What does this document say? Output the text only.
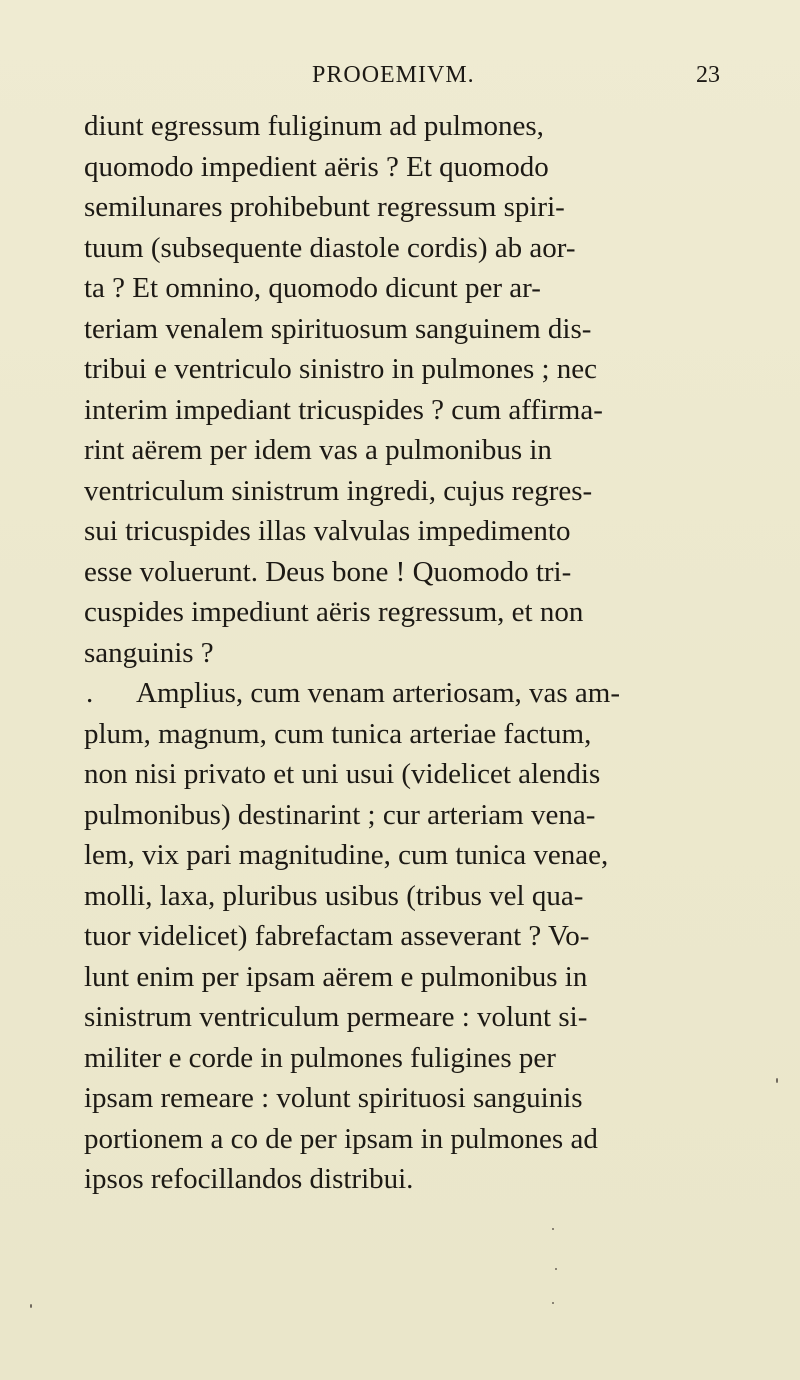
PROOEMIVM.	23
diunt egressum fuliginum ad pulmones,
quomodo impedient aëris ? Et quomodo
semilunares prohibebunt regressum spiri-
tuum (subsequente diastole cordis) ab aor-
ta ? Et omnino, quomodo dicunt per ar-
teriam venalem spirituosum sanguinem dis-
tribui e ventriculo sinistro in pulmones ; nec
interim impediant tricuspides ? cum affirma-
rint aërem per idem vas a pulmonibus in
ventriculum sinistrum ingredi, cujus regres-
sui tricuspides illas valvulas impedimento
esse voluerunt. Deus bone ! Quomodo tri-
cuspides impediunt aëris regressum, et non
sanguinis ?
. Amplius, cum venam arteriosam, vas am-
plum, magnum, cum tunica arteriae factum,
non nisi privato et uni usui (videlicet alendis
pulmonibus) destinarint ; cur arteriam vena-
lem, vix pari magnitudine, cum tunica venae,
molli, laxa, pluribus usibus (tribus vel qua-
tuor videlicet) fabrefactam asseverant ? Vo-
lunt enim per ipsam aërem e pulmonibus in
sinistrum ventriculum permeare : volunt si-
militer e corde in pulmones fuligines per
ipsam remeare : volunt spirituosi sanguinis
portionem a co de per ipsam in pulmones ad
ipsos refocillandos distribui.
